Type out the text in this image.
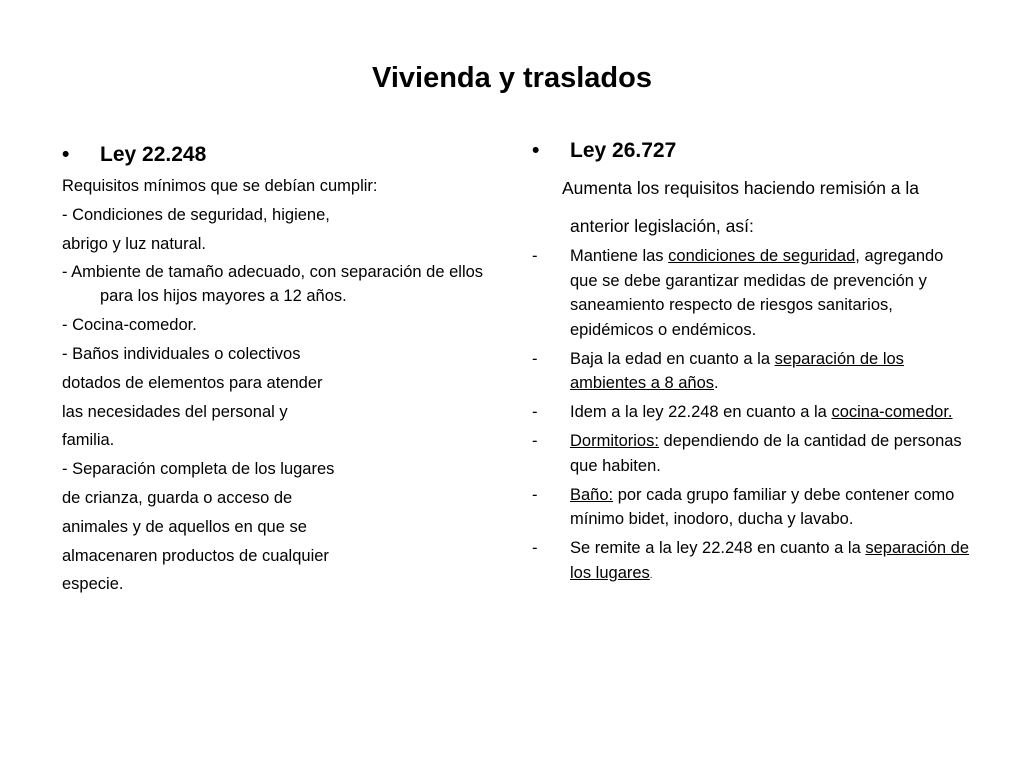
Vivienda y traslados
• Ley 22.248
Requisitos mínimos que se debían cumplir:
- Condiciones de seguridad, higiene,
abrigo y luz natural.
- Ambiente de tamaño adecuado, con separación de ellos para los hijos mayores a 12 años.
- Cocina-comedor.
- Baños individuales o colectivos
dotados de elementos para atender
las necesidades del personal y
familia.
- Separación completa de los lugares
de crianza, guarda o acceso de
animales y de aquellos en que se
almacenaren productos de cualquier
especie.
• Ley 26.727
Aumenta los requisitos haciendo remisión a la
anterior legislación, así:
- Mantiene las condiciones de seguridad, agregando que se debe garantizar medidas de prevención y saneamiento respecto de riesgos sanitarios, epidémicos o endémicos.
- Baja la edad en cuanto a la separación de los ambientes a 8 años.
- Idem a la ley 22.248 en cuanto a la cocina-comedor.
- Dormitorios: dependiendo de la cantidad de personas que habiten.
- Baño: por cada grupo familiar y debe contener como mínimo bidet, inodoro, ducha y lavabo.
- Se remite a la ley 22.248 en cuanto a la separación de los lugares.
